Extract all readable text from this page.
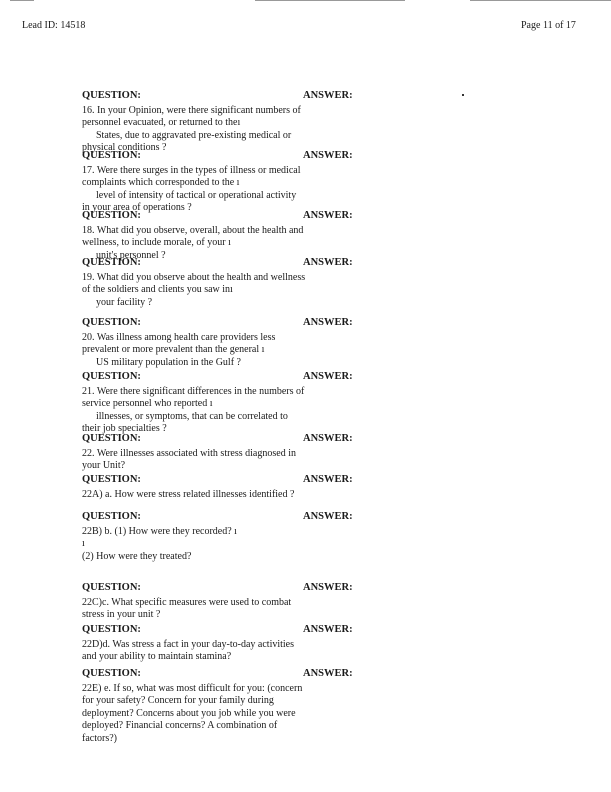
Lead ID: 14518	Page 11 of 17
QUESTION:
16. In your Opinion, were there significant numbers of
personnel evacuated, or returned to theı
States, due to aggravated pre-existing medical or
physical conditions ?
ANSWER:
QUESTION:
17. Were there surges in the types of illness or medical
complaints which corresponded to the ı
level of intensity of tactical or operational activity
in your area of operations ?
ANSWER:
QUESTION:
18. What did you observe, overall, about the health and
wellness, to include morale, of your ı
unit's personnel ?
ANSWER:
QUESTION:
19. What did you observe about the health and wellness
of the soldiers and clients you saw inı
your facility ?
ANSWER:
QUESTION:
20. Was illness among health care providers less
prevalent or more prevalent than the general ı
US military population in the Gulf ?
ANSWER:
QUESTION:
21. Were there significant differences in the numbers of
service personnel who reported ı
illnesses, or symptoms, that can be correlated to
their job specialties ?
ANSWER:
QUESTION:
22. Were illnesses associated with stress diagnosed in
your Unit?
ANSWER:
QUESTION:
22A) a. How were stress related illnesses identified ?
ANSWER:
QUESTION:
22B) b. (1) How were they recorded? ı
ı
(2) How were they treated?
ANSWER:
QUESTION:
22C)c. What specific measures were used to combat
stress in your unit ?
ANSWER:
QUESTION:
22D)d. Was stress a fact in your day-to-day activities
and your ability to maintain stamina?
ANSWER:
QUESTION:
22E) e. If so, what was most difficult for you: (concern
for your safety? Concern for your family during
deployment? Concerns about you job while you were
deployed? Financial concerns? A combination of
factors?)
ANSWER:
